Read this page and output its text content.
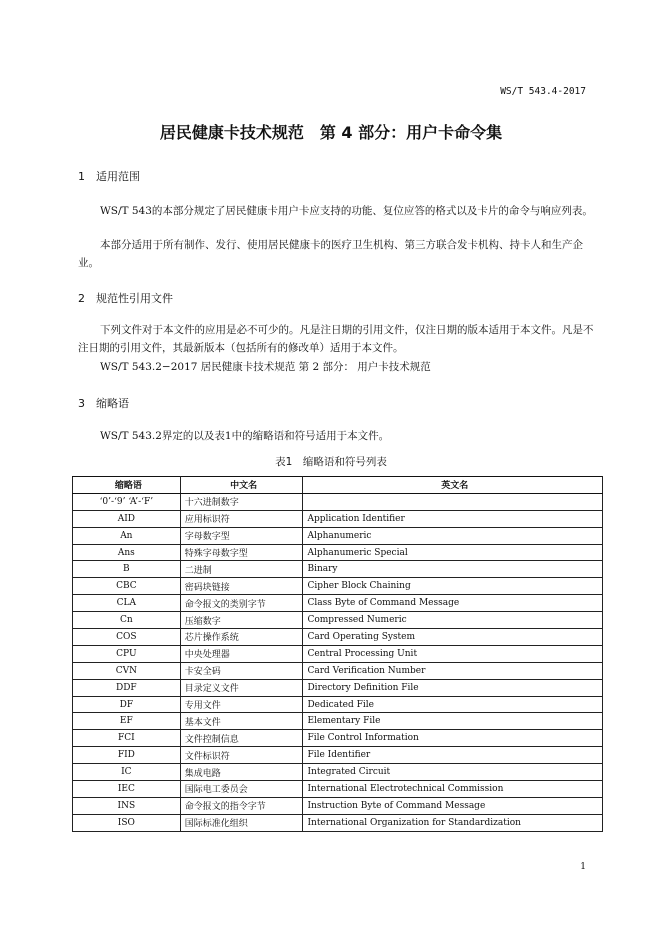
WS/T 543.4-2017
居民健康卡技术规范　第 4 部分：用户卡命令集
1 适用范围
WS/T 543的本部分规定了居民健康卡用户卡应支持的功能、复位应答的格式以及卡片的命令与响应列表。
本部分适用于所有制作、发行、使用居民健康卡的医疗卫生机构、第三方联合发卡机构、持卡人和生产企业。
2 规范性引用文件
下列文件对于本文件的应用是必不可少的。凡是注日期的引用文件，仅注日期的版本适用于本文件。凡是不注日期的引用文件，其最新版本（包括所有的修改单）适用于本文件。
WS/T 543.2−2017 居民健康卡技术规范 第 2 部分： 用户卡技术规范
3 缩略语
WS/T 543.2界定的以及表1中的缩略语和符号适用于本文件。
表1　缩略语和符号列表
缩略语	中文名	英文名
‘0’-‘9’ ‘A’-‘F’	十六进制数字	
AID	应用标识符	Application Identifier
An	字母数字型	Alphanumeric
Ans	特殊字母数字型	Alphanumeric Special
B	二进制	Binary
CBC	密码块链接	Cipher Block Chaining
CLA	命令报文的类别字节	Class Byte of Command Message
Cn	压缩数字	Compressed Numeric
COS	芯片操作系统	Card Operating System
CPU	中央处理器	Central Processing Unit
CVN	卡安全码	Card Verification Number
DDF	目录定义文件	Directory Definition File
DF	专用文件	Dedicated File
EF	基本文件	Elementary File
FCI	文件控制信息	File Control Information
FID	文件标识符	File Identifier
IC	集成电路	Integrated Circuit
IEC	国际电工委员会	International Electrotechnical Commission
INS	命令报文的指令字节	Instruction Byte of Command Message
ISO	国际标准化组织	International Organization for Standardization
1
